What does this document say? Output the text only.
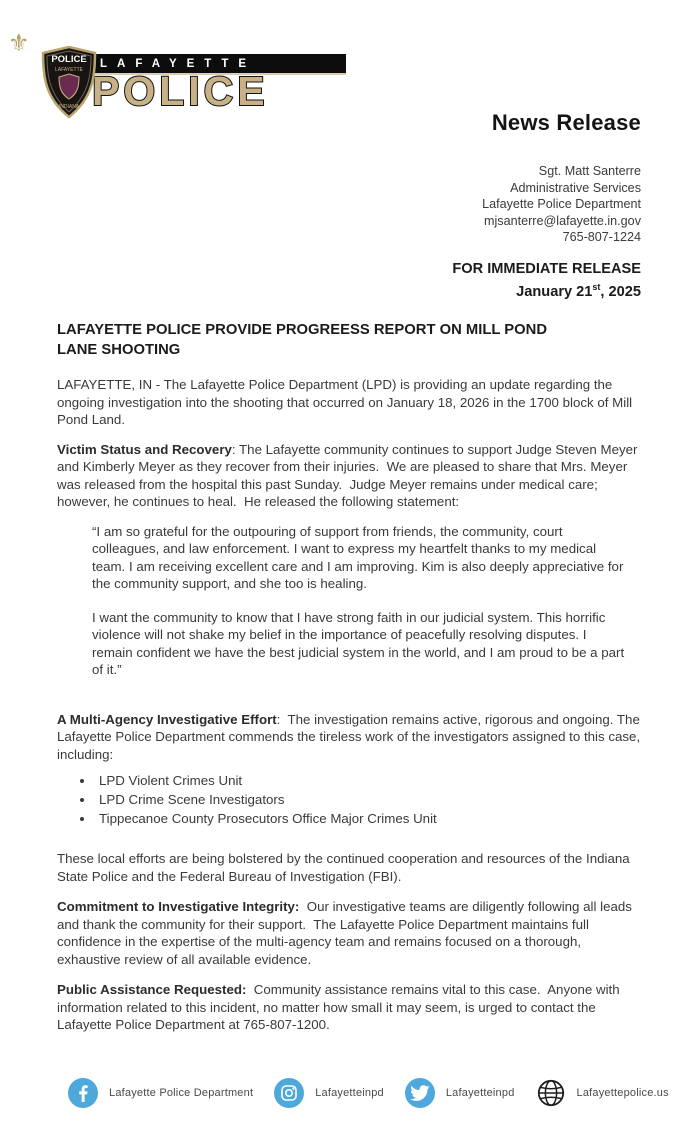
⚜
LAFAYETTE
POLICE
LAFAYETTE
INDIANA POLICE
News Release
Sgt. Matt Santerre
Administrative Services
Lafayette Police Department
mjsanterre@lafayette.in.gov
765-807-1224
FOR IMMEDIATE RELEASE
January 21st, 2025
LAFAYETTE POLICE PROVIDE PROGREESS REPORT ON MILL POND
LANE SHOOTING

LAFAYETTE, IN - The Lafayette Police Department (LPD) is providing an update regarding the ongoing investigation into the shooting that occurred on January 18, 2026 in the 1700 block of Mill Pond Land.

Victim Status and Recovery: The Lafayette community continues to support Judge Steven Meyer and Kimberly Meyer as they recover from their injuries.  We are pleased to share that Mrs. Meyer was released from the hospital this past Sunday.  Judge Meyer remains under medical care; however, he continues to heal.  He released the following statement:

“I am so grateful for the outpouring of support from friends, the community, court colleagues, and law enforcement. I want to express my heartfelt thanks to my medical team. I am receiving excellent care and I am improving. Kim is also deeply appreciative for the community support, and she too is healing.

I want the community to know that I have strong faith in our judicial system. This horrific violence will not shake my belief in the importance of peacefully resolving disputes. I remain confident we have the best judicial system in the world, and I am proud to be a part of it.”

A Multi-Agency Investigative Effort:  The investigation remains active, rigorous and ongoing. The Lafayette Police Department commends the tireless work of the investigators assigned to this case, including:

• LPD Violent Crimes Unit
• LPD Crime Scene Investigators
• Tippecanoe County Prosecutors Office Major Crimes Unit

These local efforts are being bolstered by the continued cooperation and resources of the Indiana State Police and the Federal Bureau of Investigation (FBI).

Commitment to Investigative Integrity:  Our investigative teams are diligently following all leads and thank the community for their support.  The Lafayette Police Department maintains full confidence in the expertise of the multi-agency team and remains focused on a thorough, exhaustive review of all available evidence.

Public Assistance Requested:  Community assistance remains vital to this case.  Anyone with information related to this incident, no matter how small it may seem, is urged to contact the Lafayette Police Department at 765-807-1200.

Lafayette Police Department	Lafayetteinpd	Lafayetteinpd	Lafayettepolice.us
